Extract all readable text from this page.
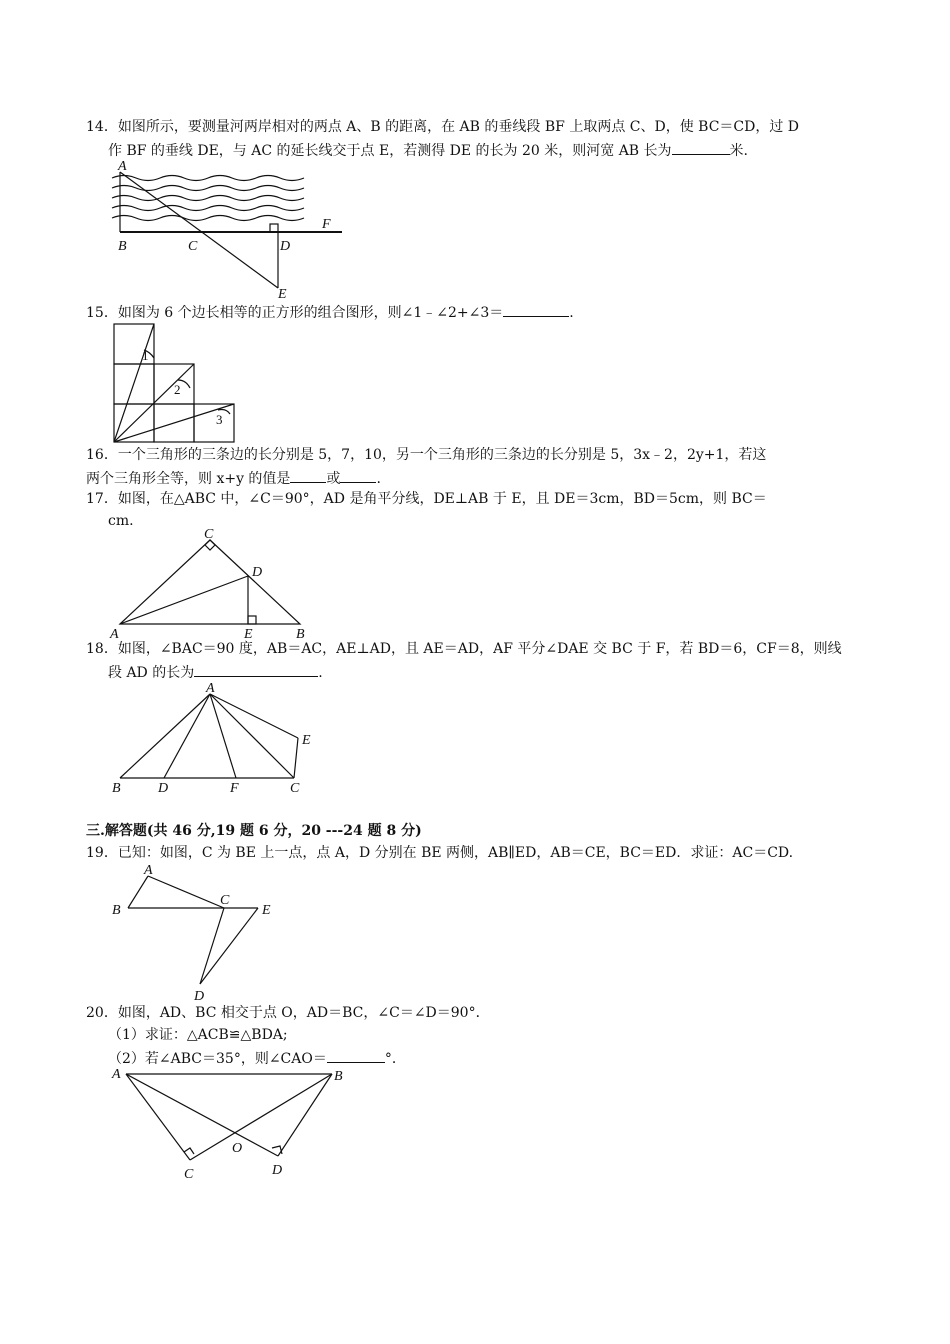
14．如图所示，要测量河两岸相对的两点 A、B 的距离，在 AB 的垂线段 BF 上取两点 C、D，使 BC＝CD，过 D
作 BF 的垂线 DE，与 AC 的延长线交于点 E，若测得 DE 的长为 20 米，则河宽 AB 长为	米.
A
B	C	D
F
E
15．如图为 6 个边长相等的正方形的组合图形，则∠1﹣∠2+∠3＝	.
1
2
3
16．一个三角形的三条边的长分别是 5，7，10，另一个三角形的三条边的长分别是 5，3x﹣2，2y+1，若这
两个三角形全等，则 x+y 的值是	或	.
17．如图，在△ABC 中，∠C＝90°，AD 是角平分线，DE⊥AB 于 E，且 DE＝3cm，BD＝5cm，则 BC＝
cm.
C
D
A	E	B
18．如图，∠BAC＝90 度，AB＝AC，AE⊥AD，且 AE＝AD，AF 平分∠DAE 交 BC 于 F，若 BD＝6，CF＝8，则线
段 AD 的长为	.
A
E
B	D	F	C
三.解答题(共 46 分,19 题 6 分，20 ---24 题 8 分)
19．已知：如图，C 为 BE 上一点，点 A，D 分别在 BE 两侧，AB∥ED，AB＝CE，BC＝ED．求证：AC＝CD.
A
B
C
E
D
20．如图，AD、BC 相交于点 O，AD＝BC，∠C＝∠D＝90°．
（1）求证：△ACB≌△BDA;
（2）若∠ABC＝35°，则∠CAO＝	°．
A	B
O
C	D
